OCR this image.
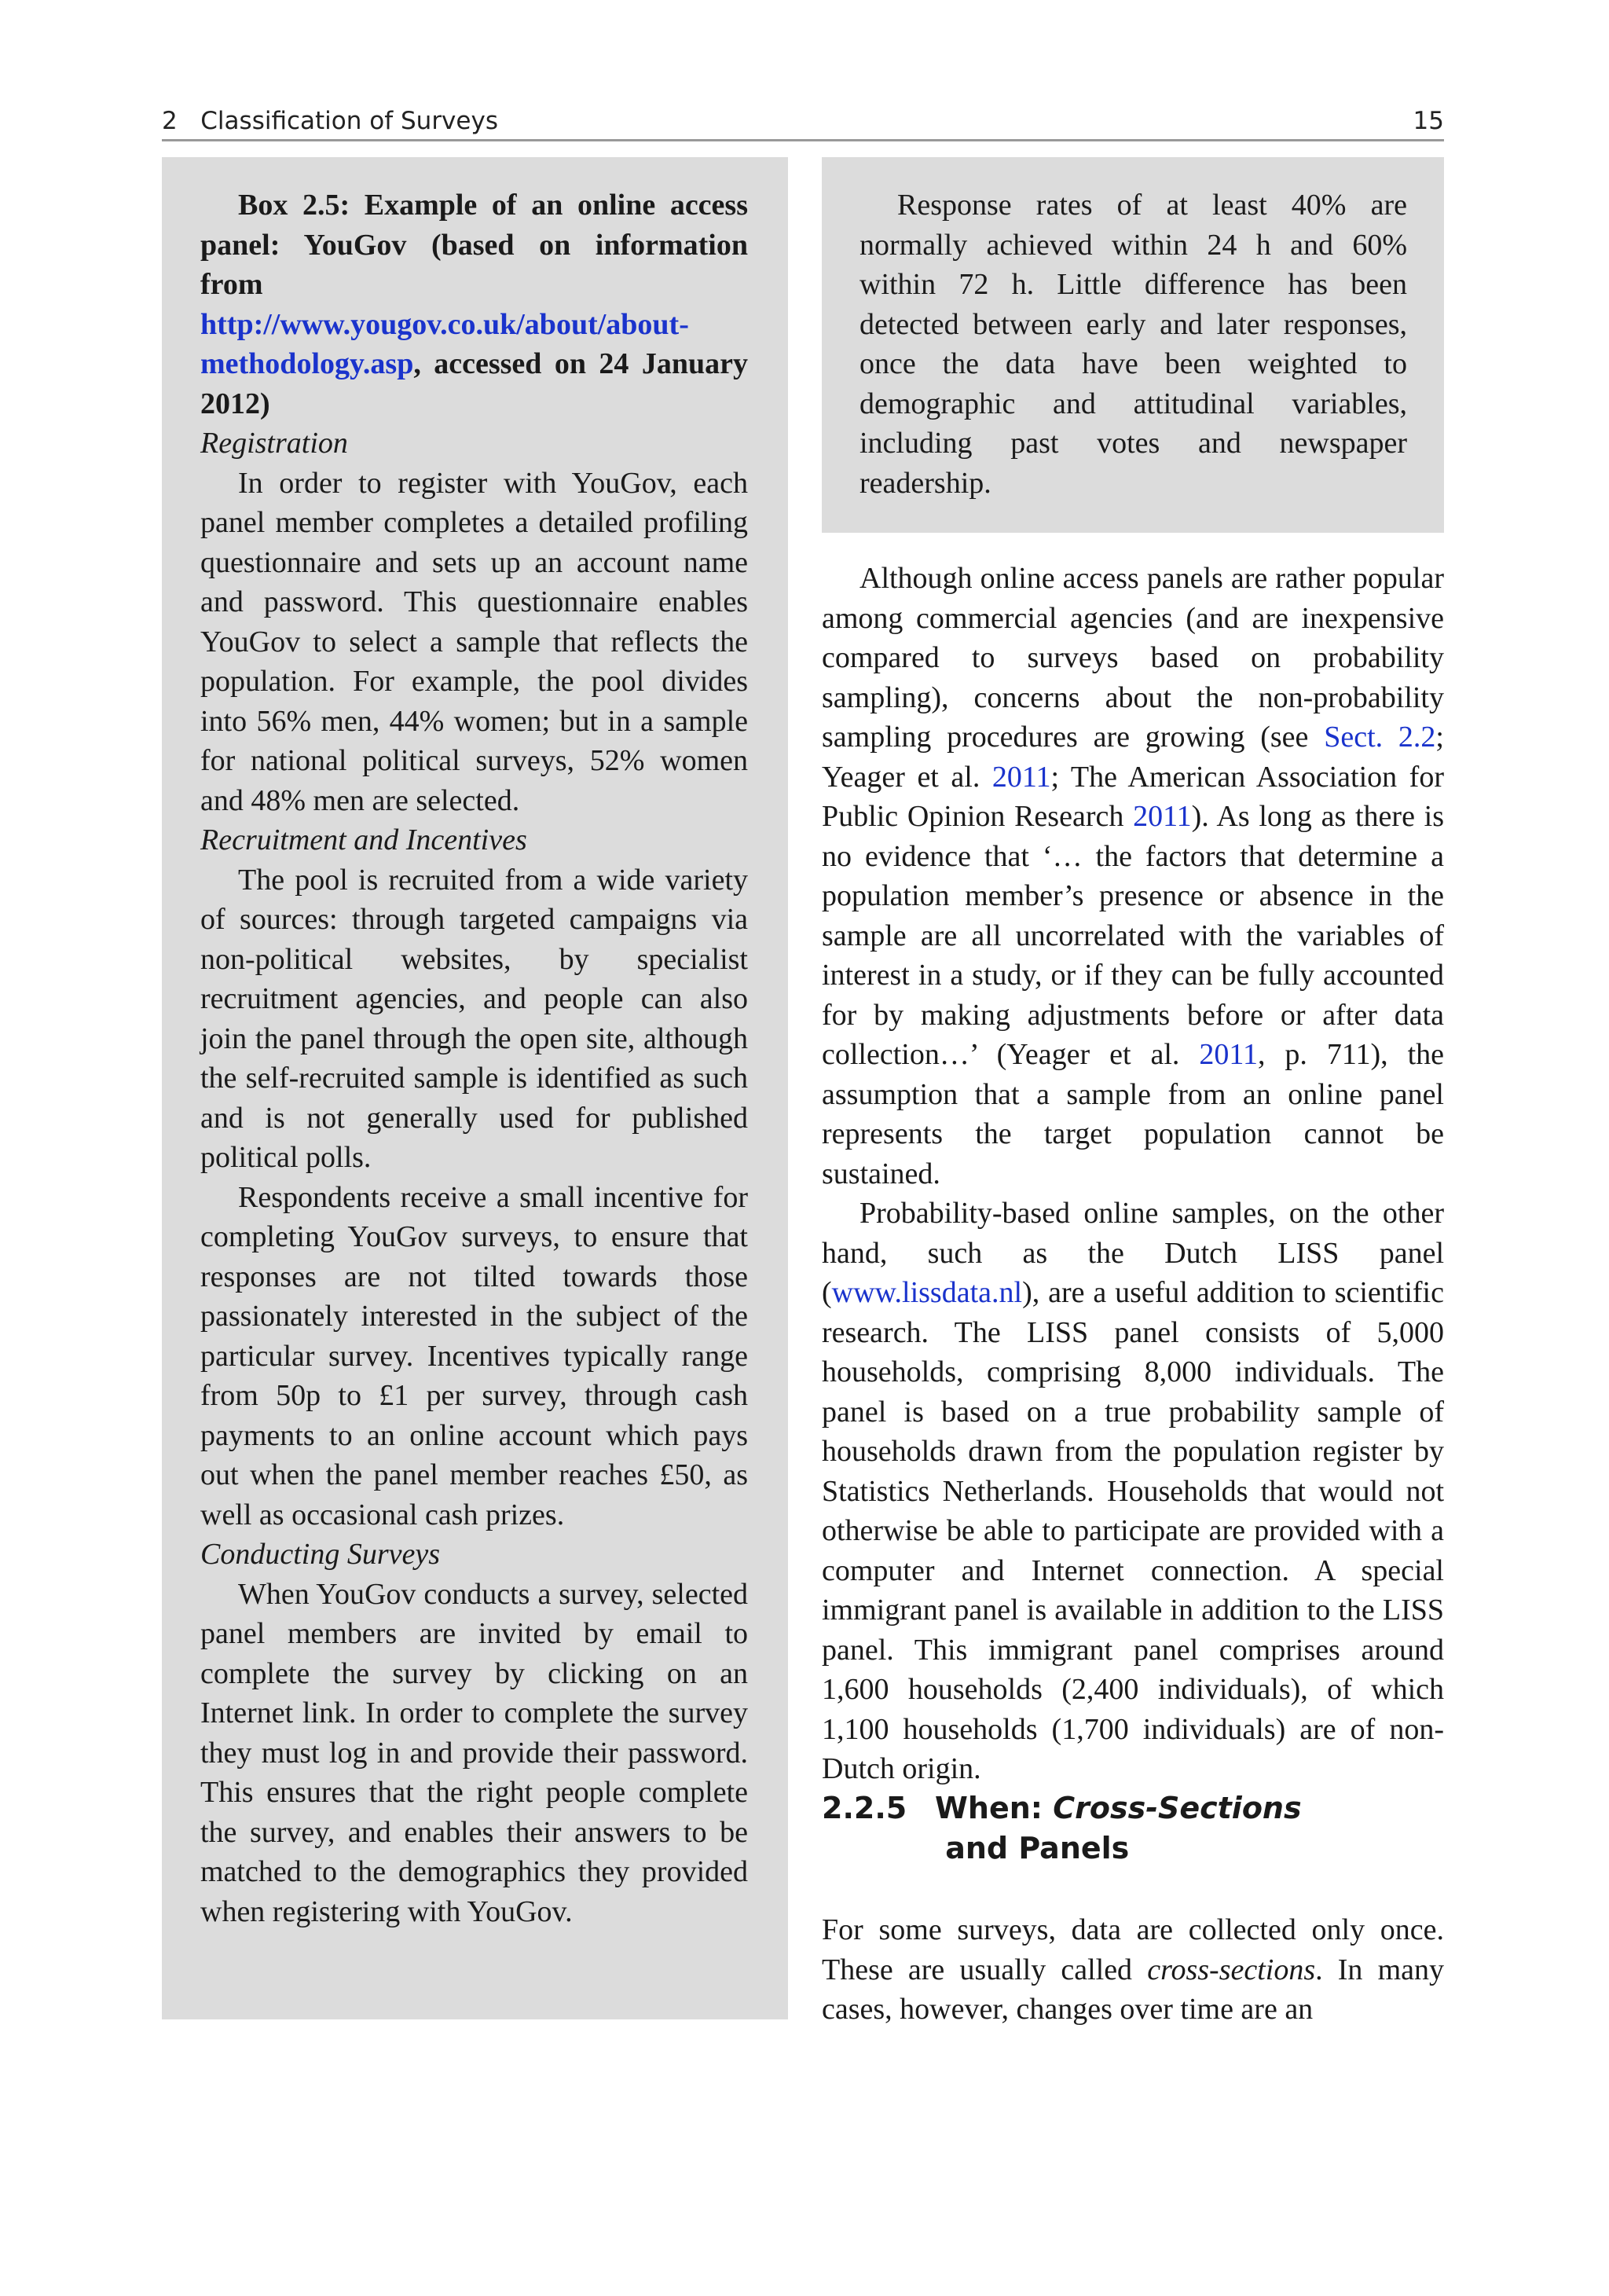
2   Classification of Surveys	15

Box 2.5: Example of an online access panel: YouGov (based on information from http://www.yougov.co.uk/about/about-methodology.asp, accessed on 24 January 2012)

Registration

In order to register with YouGov, each panel member completes a detailed profiling questionnaire and sets up an account name and password. This questionnaire enables YouGov to select a sample that reflects the population. For example, the pool divides into 56% men, 44% women; but in a sample for national political surveys, 52% women and 48% men are selected.

Recruitment and Incentives

The pool is recruited from a wide variety of sources: through targeted campaigns via non-political websites, by specialist recruitment agencies, and people can also join the panel through the open site, although the self-recruited sample is identified as such and is not generally used for published political polls.

Respondents receive a small incentive for completing YouGov surveys, to ensure that responses are not tilted towards those passionately interested in the subject of the particular survey. Incentives typically range from 50p to £1 per survey, through cash payments to an online account which pays out when the panel member reaches £50, as well as occasional cash prizes.

Conducting Surveys

When YouGov conducts a survey, selected panel members are invited by email to complete the survey by clicking on an Internet link. In order to complete the survey they must log in and provide their password. This ensures that the right people complete the survey, and enables their answers to be matched to the demographics they provided when registering with YouGov.

Response rates of at least 40% are normally achieved within 24 h and 60% within 72 h. Little difference has been detected between early and later responses, once the data have been weighted to demographic and attitudinal variables, including past votes and newspaper readership.

Although online access panels are rather popular among commercial agencies (and are inexpensive compared to surveys based on probability sampling), concerns about the non-probability sampling procedures are growing (see Sect. 2.2; Yeager et al. 2011; The American Association for Public Opinion Research 2011). As long as there is no evidence that ‘… the factors that determine a population member’s presence or absence in the sample are all uncorrelated with the variables of interest in a study, or if they can be fully accounted for by making adjustments before or after data collection…’ (Yeager et al. 2011, p. 711), the assumption that a sample from an online panel represents the target population cannot be sustained.

Probability-based online samples, on the other hand, such as the Dutch LISS panel (www.lissdata.nl), are a useful addition to scientific research. The LISS panel consists of 5,000 households, comprising 8,000 individuals. The panel is based on a true probability sample of households drawn from the population register by Statistics Netherlands. Households that would not otherwise be able to participate are provided with a computer and Internet connection. A special immigrant panel is available in addition to the LISS panel. This immigrant panel comprises around 1,600 households (2,400 individuals), of which 1,100 households (1,700 individuals) are of non-Dutch origin.

2.2.5 When: Cross-Sections and Panels

For some surveys, data are collected only once. These are usually called cross-sections. In many cases, however, changes over time are an
